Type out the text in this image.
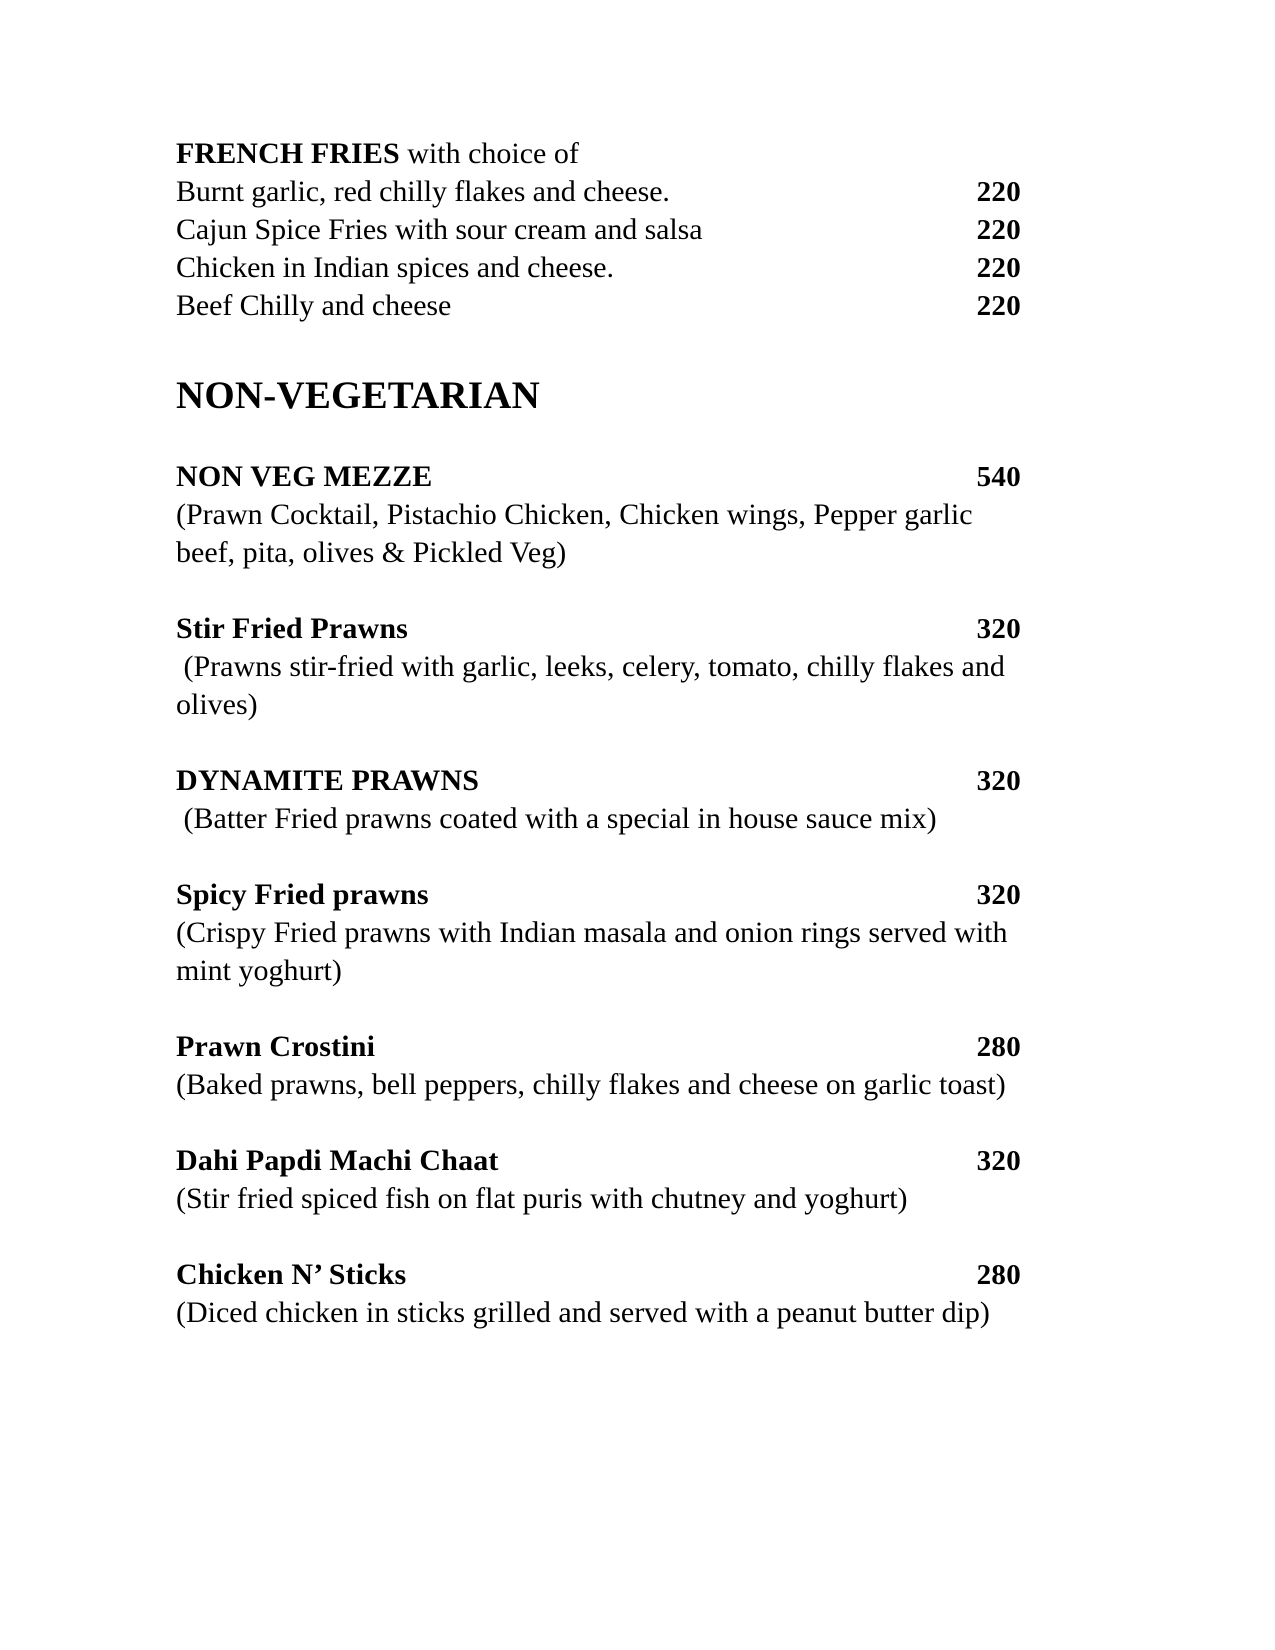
FRENCH FRIES with choice of
Burnt garlic, red chilly flakes and cheese.	220
Cajun Spice Fries with sour cream and salsa	220
Chicken in Indian spices and cheese.	220
Beef Chilly and cheese	220
NON-VEGETARIAN
NON VEG MEZZE	540
(Prawn Cocktail, Pistachio Chicken, Chicken wings, Pepper garlic beef, pita, olives & Pickled Veg)
Stir Fried Prawns	320
(Prawns stir-fried with garlic, leeks, celery, tomato, chilly flakes and olives)
DYNAMITE PRAWNS	320
(Batter Fried prawns coated with a special in house sauce mix)
Spicy Fried prawns	320
(Crispy Fried prawns with Indian masala and onion rings served with mint yoghurt)
Prawn Crostini	280
(Baked prawns, bell peppers, chilly flakes and cheese on garlic toast)
Dahi Papdi Machi Chaat	320
(Stir fried spiced fish on flat puris with chutney and yoghurt)
Chicken N’ Sticks	280
(Diced chicken in sticks grilled and served with a peanut butter dip)
